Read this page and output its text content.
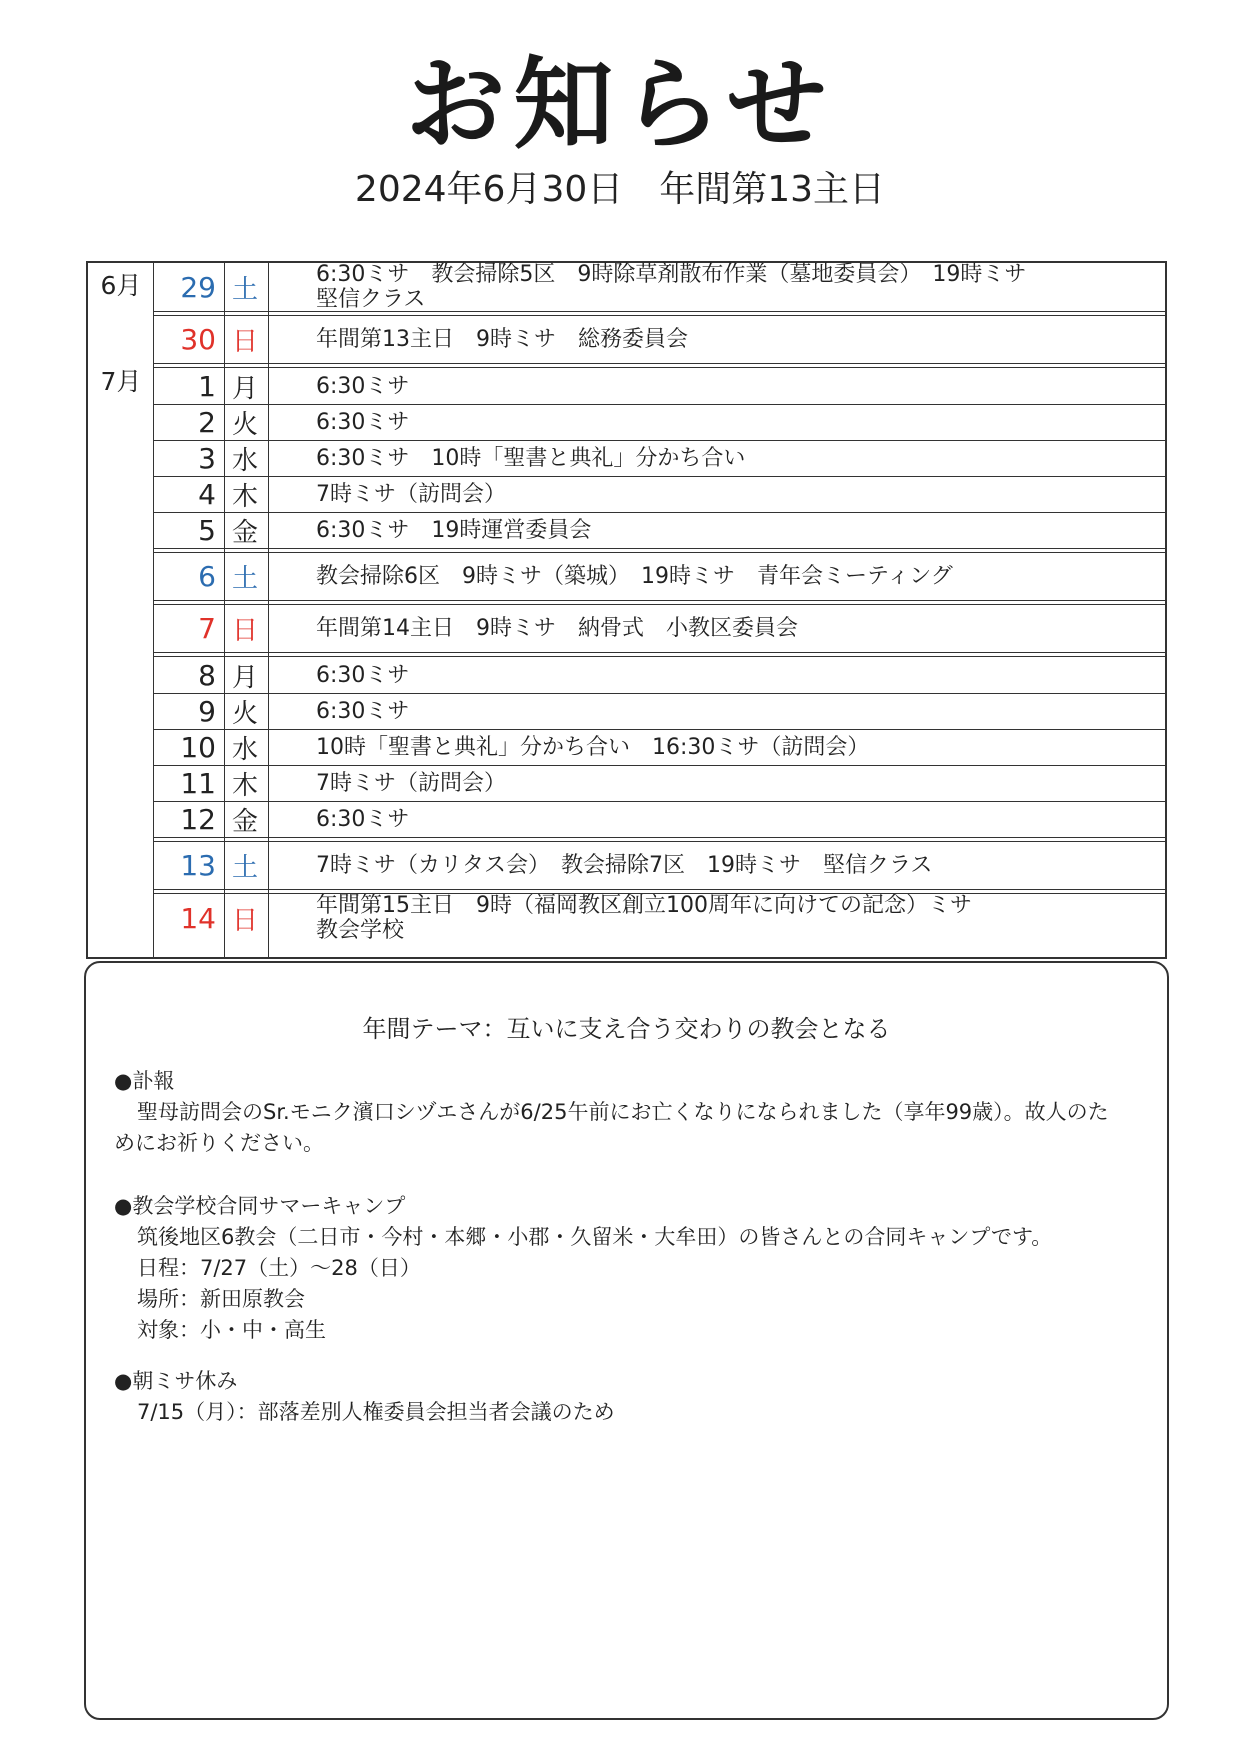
お知らせ
2024年6月30日　年間第13主日
6月
7月
29 土	6:30ミサ　教会掃除5区　9時除草剤散布作業（墓地委員会）　19時ミサ
堅信クラス
30 日	年間第13主日　9時ミサ　総務委員会
1 月	6:30ミサ
2 火	6:30ミサ
3 水	6:30ミサ　10時「聖書と典礼」分かち合い
4 木	7時ミサ（訪問会）
5 金	6:30ミサ　19時運営委員会
6 土	教会掃除6区　9時ミサ（築城）　19時ミサ　青年会ミーティング
7 日	年間第14主日　9時ミサ　納骨式　小教区委員会
8 月	6:30ミサ
9 火	6:30ミサ
10 水	10時「聖書と典礼」分かち合い　16:30ミサ（訪問会）
11 木	7時ミサ（訪問会）
12 金	6:30ミサ
13 土	7時ミサ（カリタス会）　教会掃除7区　19時ミサ　堅信クラス
14 日	年間第15主日　9時（福岡教区創立100周年に向けての記念）ミサ
教会学校
年間テーマ：互いに支え合う交わりの教会となる
●訃報
聖母訪問会のSr.モニク濱口シヅエさんが6/25午前にお亡くなりになられました（享年99歳）。故人のためにお祈りください。
●教会学校合同サマーキャンプ
筑後地区6教会（二日市・今村・本郷・小郡・久留米・大牟田）の皆さんとの合同キャンプです。
日程：7/27（土）～28（日）
場所：新田原教会
対象：小・中・高生
●朝ミサ休み
7/15（月）：部落差別人権委員会担当者会議のため
